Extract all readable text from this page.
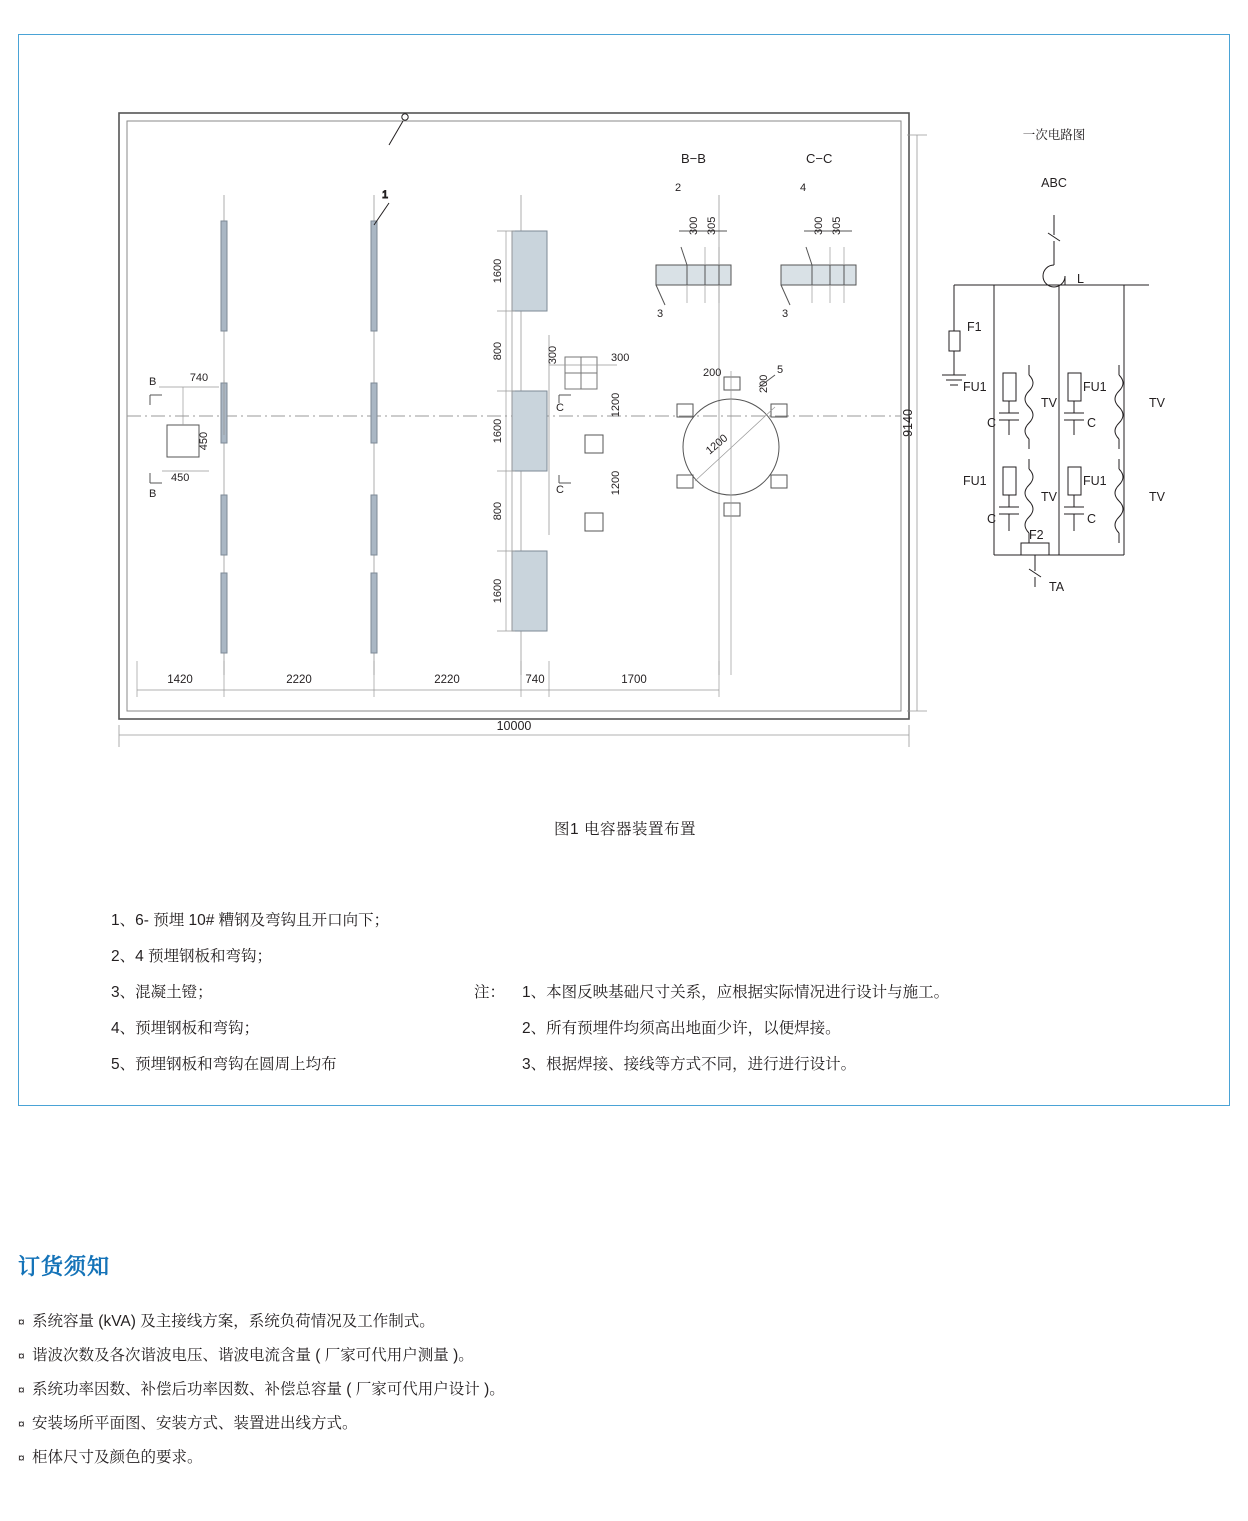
1
B−B	C−C
2
300 305
3
4
300 305
3
1600
800
1600
800
1600
300	300
1200
1200
C
C
B
B
740
450
450
200
200
1200
5
1420	2220	2220	740	1700
10000
9140
一次电路图
ABC
L
F1
FU1	FU1
FU1	FU1
C	C
C	C
TV	TV
TV	TV
F2
TA
图1 电容器装置布置
1、6- 预埋 10# 糟钢及弯钩且开口向下；
2、4 预埋钢板和弯钩；
3、混凝土镫；
4、预埋钢板和弯钩；
5、预埋钢板和弯钩在圆周上均布
注： 1、本图反映基础尺寸关系，应根据实际情况进行设计与施工。
2、所有预埋件均须高出地面少许，以便焊接。
3、根据焊接、接线等方式不同，进行进行设计。
订货须知
¤ 系统容量 (kVA) 及主接线方案，系统负荷情况及工作制式。
¤ 谐波次数及各次谐波电压、谐波电流含量 ( 厂家可代用户测量 )。
¤ 系统功率因数、补偿后功率因数、补偿总容量 ( 厂家可代用户设计 )。
¤ 安装场所平面图、安装方式、装置进出线方式。
¤ 柜体尺寸及颜色的要求。
